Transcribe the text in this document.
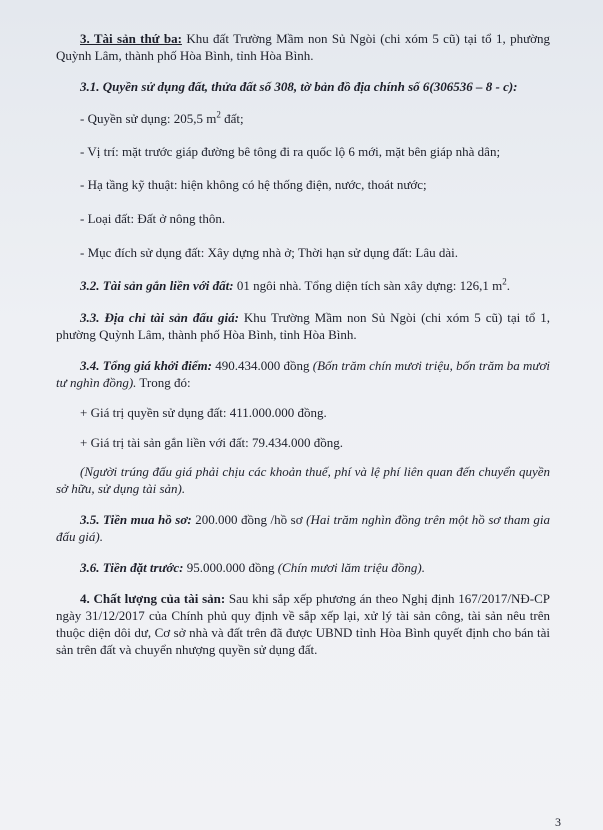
3. Tài sản thứ ba: Khu đất Trường Mầm non Sủ Ngòi (chi xóm 5 cũ) tại tổ 1, phường Quỳnh Lâm, thành phố Hòa Bình, tỉnh Hòa Bình.

3.1. Quyền sử dụng đất, thửa đất số 308, tờ bản đồ địa chính số 6(306536 – 8 - c):

- Quyền sử dụng: 205,5 $m^2$ đất;

- Vị trí: mặt trước giáp đường bê tông đi ra quốc lộ 6 mới, mặt bên giáp nhà dân;

- Hạ tầng kỹ thuật: hiện không có hệ thống điện, nước, thoát nước;

- Loại đất: Đất ở nông thôn.

- Mục đích sử dụng đất: Xây dựng nhà ở; Thời hạn sử dụng đất: Lâu dài.

3.2. Tài sản gắn liền với đất: 01 ngôi nhà. Tổng diện tích sàn xây dựng: 126,1 $m^2$.

3.3. Địa chỉ tài sản đấu giá: Khu Trường Mầm non Sủ Ngòi (chi xóm 5 cũ) tại tổ 1, phường Quỳnh Lâm, thành phố Hòa Bình, tỉnh Hòa Bình.

3.4. Tổng giá khởi điểm: 490.434.000 đồng (Bốn trăm chín mươi triệu, bốn trăm ba mươi tư nghìn đồng). Trong đó:

+ Giá trị quyền sử dụng đất: 411.000.000 đồng.

+ Giá trị tài sản gắn liền với đất: 79.434.000 đồng.

(Người trúng đấu giá phải chịu các khoản thuế, phí và lệ phí liên quan đến chuyển quyền sở hữu, sử dụng tài sản).

3.5. Tiền mua hồ sơ: 200.000 đồng /hồ sơ (Hai trăm nghìn đồng trên một hồ sơ tham gia đấu giá).

3.6. Tiền đặt trước: 95.000.000 đồng (Chín mươi lăm triệu đồng).

4. Chất lượng của tài sản: Sau khi sắp xếp phương án theo Nghị định 167/2017/NĐ-CP ngày 31/12/2017 của Chính phủ quy định về sắp xếp lại, xử lý tài sản công, tài sản nêu trên thuộc diện dôi dư, Cơ sở nhà và đất trên đã được UBND tỉnh Hòa Bình quyết định cho bán tài sản trên đất và chuyển nhượng quyền sử dụng đất.

3
